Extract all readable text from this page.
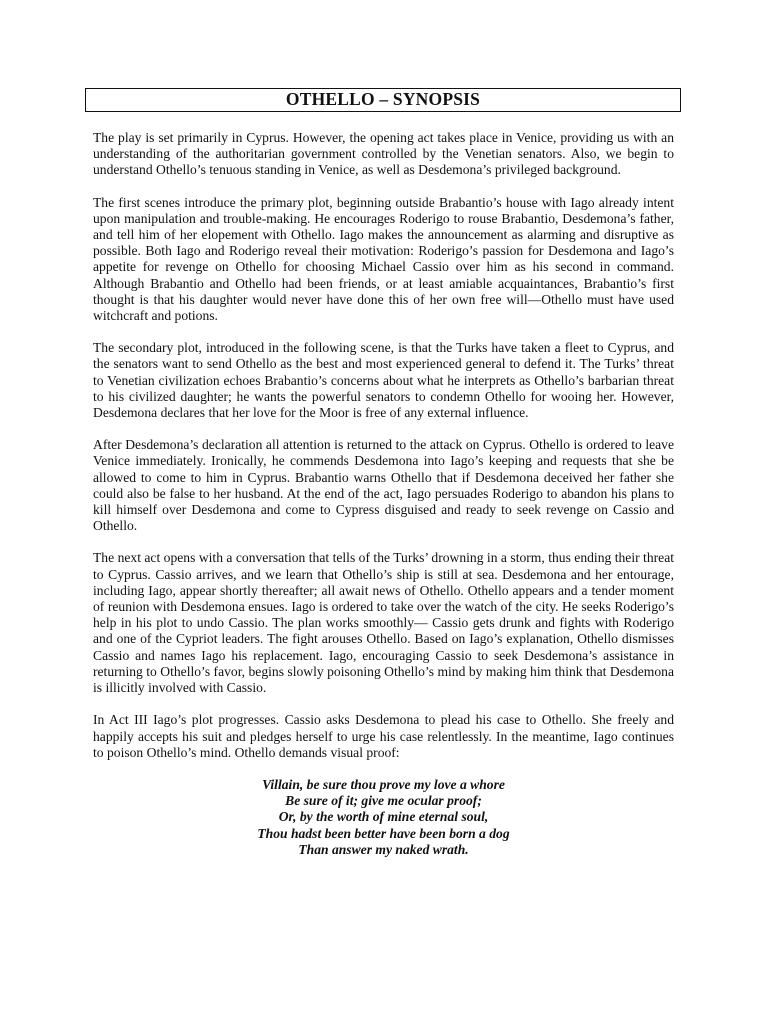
OTHELLO – SYNOPSIS

The play is set primarily in Cyprus. However, the opening act takes place in Venice, providing us with an understanding of the authoritarian government controlled by the Venetian senators. Also, we begin to understand Othello’s tenuous standing in Venice, as well as Desdemona’s privileged background.

The first scenes introduce the primary plot, beginning outside Brabantio’s house with Iago already intent upon manipulation and trouble-making. He encourages Roderigo to rouse Brabantio, Desdemona’s father, and tell him of her elopement with Othello. Iago makes the announcement as alarming and disruptive as possible. Both Iago and Roderigo reveal their motivation: Roderigo’s passion for Desdemona and Iago’s appetite for revenge on Othello for choosing Michael Cassio over him as his second in command. Although Brabantio and Othello had been friends, or at least amiable acquaintances, Brabantio’s first thought is that his daughter would never have done this of her own free will—Othello must have used witchcraft and potions.

The secondary plot, introduced in the following scene, is that the Turks have taken a fleet to Cyprus, and the senators want to send Othello as the best and most experienced general to defend it. The Turks’ threat to Venetian civilization echoes Brabantio’s concerns about what he interprets as Othello’s barbarian threat to his civilized daughter; he wants the powerful senators to condemn Othello for wooing her. However, Desdemona declares that her love for the Moor is free of any external influence.

After Desdemona’s declaration all attention is returned to the attack on Cyprus. Othello is ordered to leave Venice immediately. Ironically, he commends Desdemona into Iago’s keeping and requests that she be allowed to come to him in Cyprus. Brabantio warns Othello that if Desdemona deceived her father she could also be false to her husband. At the end of the act, Iago persuades Roderigo to abandon his plans to kill himself over Desdemona and come to Cypress disguised and ready to seek revenge on Cassio and Othello.

The next act opens with a conversation that tells of the Turks’ drowning in a storm, thus ending their threat to Cyprus. Cassio arrives, and we learn that Othello’s ship is still at sea. Desdemona and her entourage, including Iago, appear shortly thereafter; all await news of Othello. Othello appears and a tender moment of reunion with Desdemona ensues. Iago is ordered to take over the watch of the city. He seeks Roderigo’s help in his plot to undo Cassio. The plan works smoothly— Cassio gets drunk and fights with Roderigo and one of the Cypriot leaders. The fight arouses Othello. Based on Iago’s explanation, Othello dismisses Cassio and names Iago his replacement. Iago, encouraging Cassio to seek Desdemona’s assistance in returning to Othello’s favor, begins slowly poisoning Othello’s mind by making him think that Desdemona is illicitly involved with Cassio.

In Act III Iago’s plot progresses. Cassio asks Desdemona to plead his case to Othello. She freely and happily accepts his suit and pledges herself to urge his case relentlessly. In the meantime, Iago continues to poison Othello’s mind. Othello demands visual proof:

Villain, be sure thou prove my love a whore
Be sure of it; give me ocular proof;
Or, by the worth of mine eternal soul,
Thou hadst been better have been born a dog
Than answer my naked wrath.
